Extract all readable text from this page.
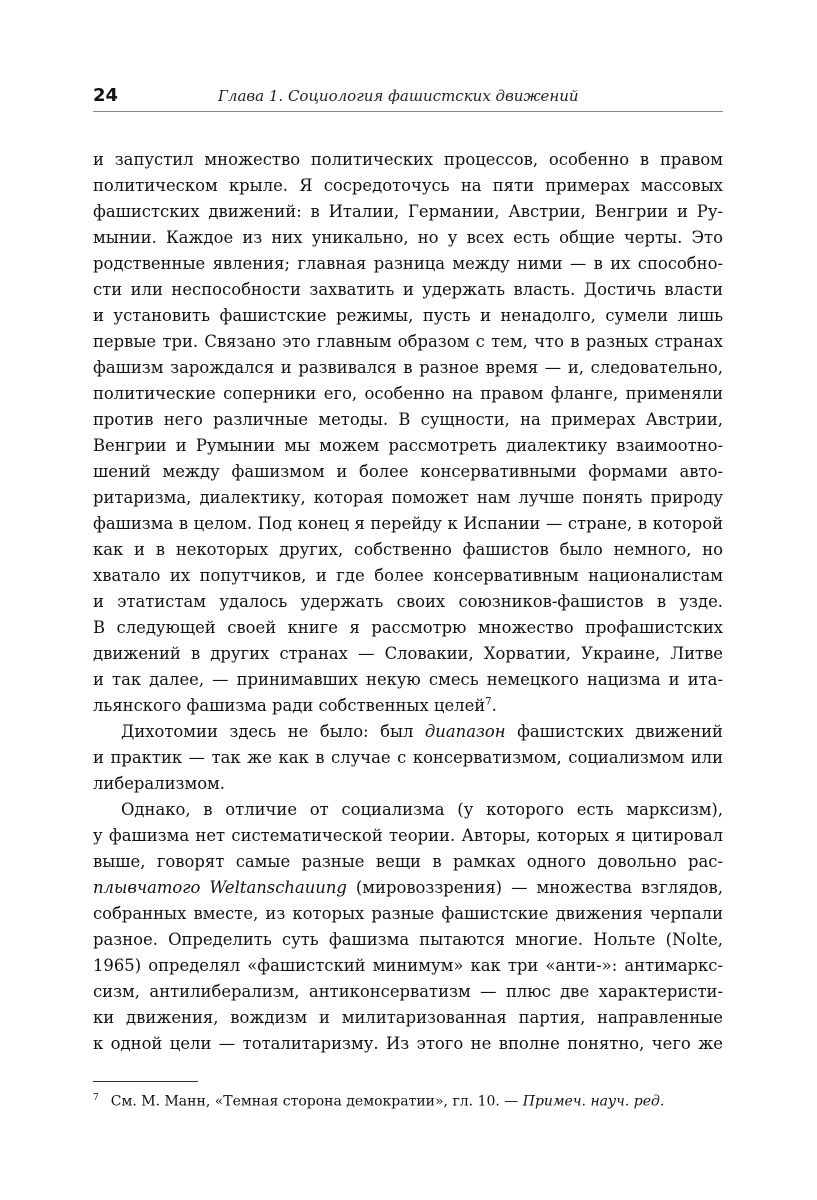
24	Глава 1. Социология фашистских движений
и запустил множество политических процессов, особенно в правом
политическом крыле. Я сосредоточусь на пяти примерах массовых
фашистских движений: в Италии, Германии, Австрии, Венгрии и Ру-
мынии. Каждое из них уникально, но у всех есть общие черты. Это
родственные явления; главная разница между ними — в их способно-
сти или неспособности захватить и удержать власть. Достичь власти
и установить фашистские режимы, пусть и ненадолго, сумели лишь
первые три. Связано это главным образом с тем, что в разных странах
фашизм зарождался и развивался в разное время — и, следовательно,
политические соперники его, особенно на правом фланге, применяли
против него различные методы. В сущности, на примерах Австрии,
Венгрии и Румынии мы можем рассмотреть диалектику взаимоотно-
шений между фашизмом и более консервативными формами авто-
ритаризма, диалектику, которая поможет нам лучше понять природу
фашизма в целом. Под конец я перейду к Испании — стране, в которой
как и в некоторых других, собственно фашистов было немного, но
хватало их попутчиков, и где более консервативным националистам
и этатистам удалось удержать своих союзников-фашистов в узде.
В следующей своей книге я рассмотрю множество профашистских
движений в других странах — Словакии, Хорватии, Украине, Литве
и так далее, — принимавших некую смесь немецкого нацизма и ита-
льянского фашизма ради собственных целей$^7$.
Дихотомии здесь не было: был диапазон фашистских движений
и практик — так же как в случае с консерватизмом, социализмом или
либерализмом.
Однако, в отличие от социализма (у которого есть марксизм),
у фашизма нет систематической теории. Авторы, которых я цитировал
выше, говорят самые разные вещи в рамках одного довольно рас-
плывчатого Weltanschauung (мировоззрения) — множества взглядов,
собранных вместе, из которых разные фашистские движения черпали
разное. Определить суть фашизма пытаются многие. Нольте (Nolte,
1965) определял «фашистский минимум» как три «анти-»: антимаркс-
сизм, антилиберализм, антиконсерватизм — плюс две характеристи-
ки движения, вождизм и милитаризованная партия, направленные
к одной цели — тоталитаризму. Из этого не вполне понятно, чего же
$^7$ См. М. Манн, «Темная сторона демократии», гл. 10. — Примеч. науч. ред.
